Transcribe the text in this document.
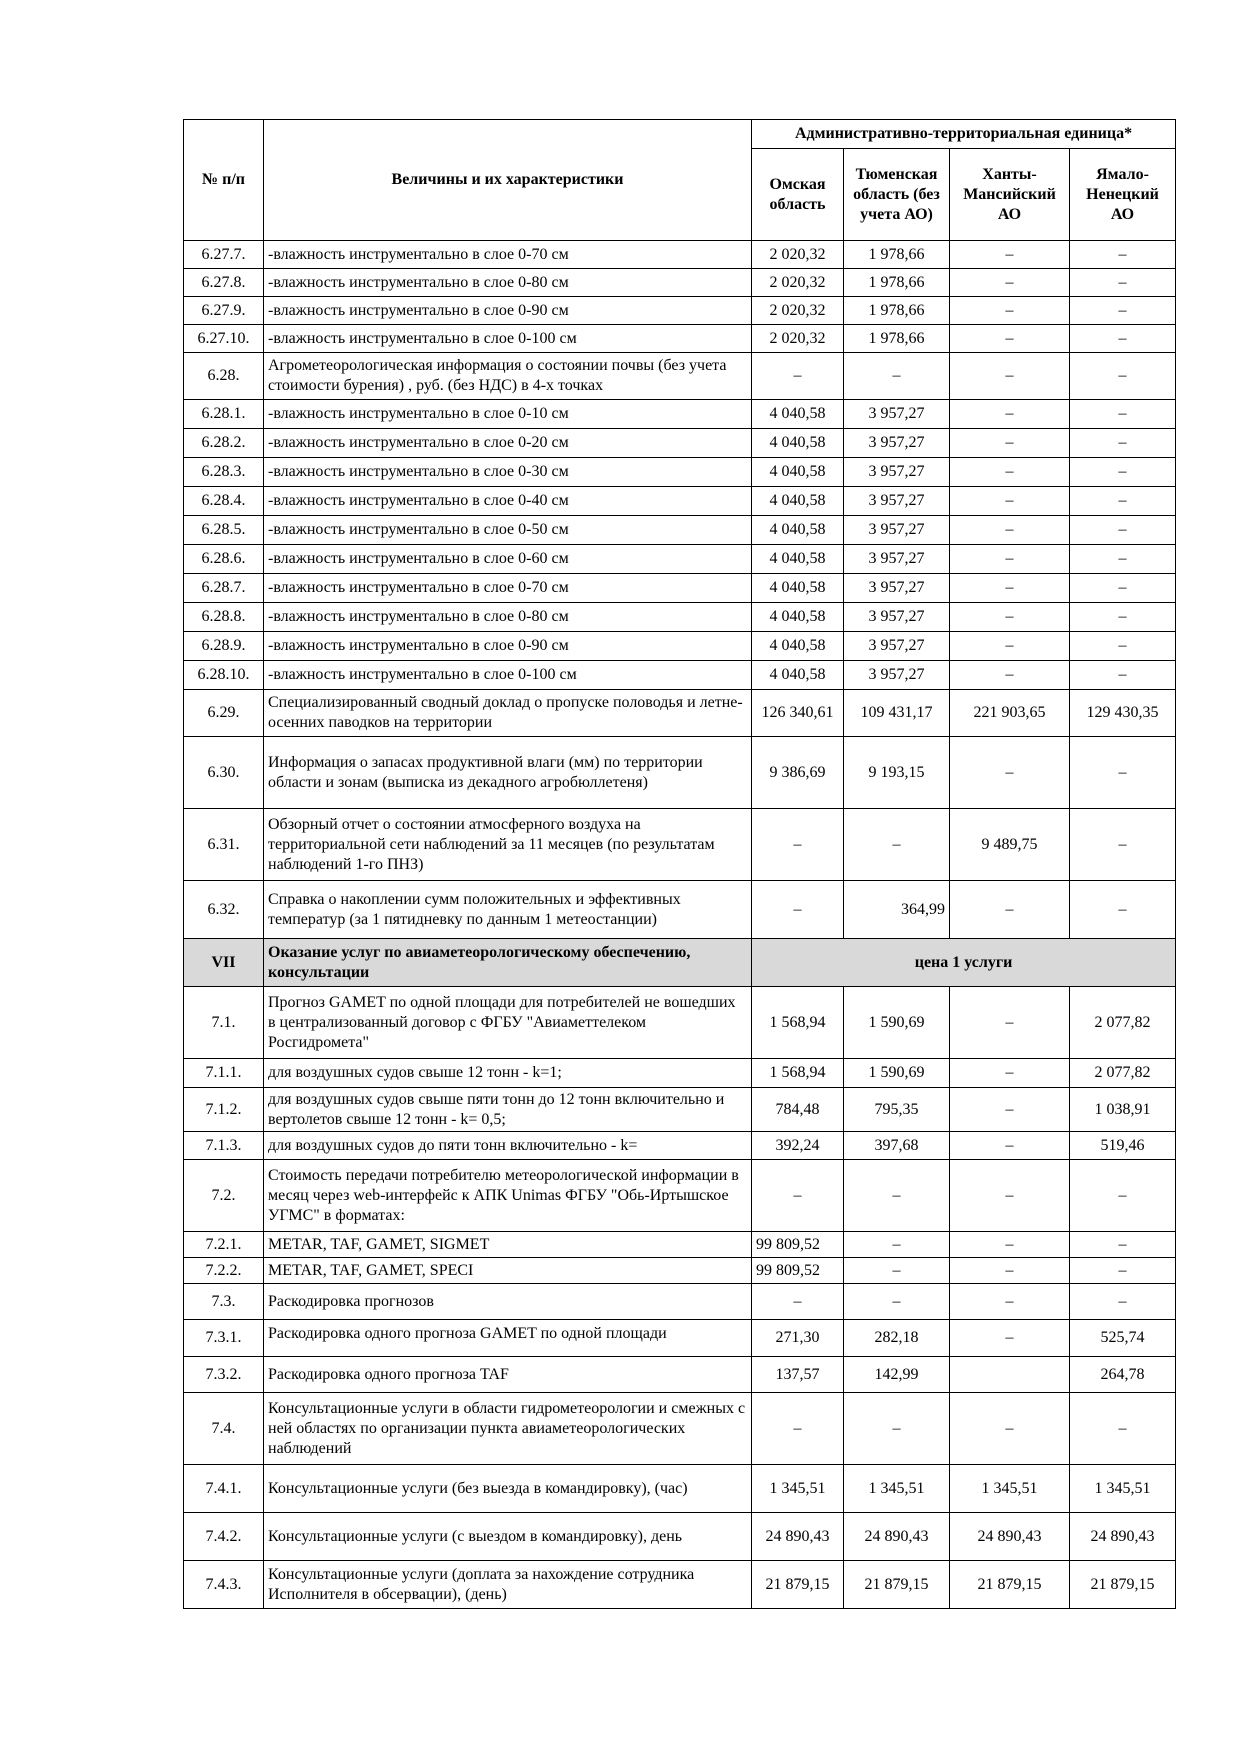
№ п/п	Величины и их характеристики	Административно-территориальная единица*			
		Омская область	Тюменская область (без учета АО)	Ханты-Мансийский АО	Ямало-Ненецкий АО
6.27.7.	-влажность инструментально в слое 0-70 см	2 020,32	1 978,66	–	–
6.27.8.	-влажность инструментально в слое 0-80 см	2 020,32	1 978,66	–	–
6.27.9.	-влажность инструментально в слое 0-90 см	2 020,32	1 978,66	–	–
6.27.10.	-влажность инструментально в слое 0-100 см	2 020,32	1 978,66	–	–
6.28.	Агрометеорологическая информация о состоянии почвы (без учета стоимости бурения) , руб. (без НДС) в 4-х точках	–	–	–	–
6.28.1.	-влажность инструментально в слое 0-10 см	4 040,58	3 957,27	–	–
6.28.2.	-влажность инструментально в слое 0-20 см	4 040,58	3 957,27	–	–
6.28.3.	-влажность инструментально в слое 0-30 см	4 040,58	3 957,27	–	–
6.28.4.	-влажность инструментально в слое 0-40 см	4 040,58	3 957,27	–	–
6.28.5.	-влажность инструментально в слое 0-50 см	4 040,58	3 957,27	–	–
6.28.6.	-влажность инструментально в слое 0-60 см	4 040,58	3 957,27	–	–
6.28.7.	-влажность инструментально в слое 0-70 см	4 040,58	3 957,27	–	–
6.28.8.	-влажность инструментально в слое 0-80 см	4 040,58	3 957,27	–	–
6.28.9.	-влажность инструментально в слое 0-90 см	4 040,58	3 957,27	–	–
6.28.10.	-влажность инструментально в слое 0-100 см	4 040,58	3 957,27	–	–
6.29.	Специализированный сводный доклад о пропуске половодья и летне-осенних паводков на территории	126 340,61	109 431,17	221 903,65	129 430,35
6.30.	Информация о запасах продуктивной влаги (мм) по территории области и зонам (выписка из декадного агробюллетеня)	9 386,69	9 193,15	–	–
6.31.	Обзорный отчет о состоянии атмосферного воздуха на территориальной сети наблюдений за 11 месяцев (по результатам наблюдений 1-го ПНЗ)	–	–	9 489,75	–
6.32.	Справка о накоплении сумм положительных и эффективных температур (за 1 пятидневку по данным 1 метеостанции)	–	364,99	–	–
VII	Оказание услуг по авиаметеорологическому обеспечению, консультации	цена 1 услуги			
7.1.	Прогноз GAMET по одной площади для потребителей не вошедших в централизованный договор с ФГБУ "Авиаметтелеком Росгидромета"	1 568,94	1 590,69	–	2 077,82
7.1.1.	для воздушных судов свыше 12 тонн - k=1;	1 568,94	1 590,69	–	2 077,82
7.1.2.	для воздушных судов свыше пяти тонн до 12 тонн включительно и вертолетов свыше 12 тонн - k= 0,5;	784,48	795,35	–	1 038,91
7.1.3.	для воздушных судов до пяти тонн включительно - k=	392,24	397,68	–	519,46
7.2.	Стоимость передачи потребителю метеорологической информации в месяц через web-интерфейс к АПК Unimas ФГБУ "Обь-Иртышское УГМС" в форматах:	–	–	–	–
7.2.1.	METAR, TAF, GAMET, SIGMET	99 809,52	–	–	–
7.2.2.	METAR, TAF, GAMET, SPECI	99 809,52	–	–	–
7.3.	Раскодировка прогнозов	–	–	–	–
7.3.1.	Раскодировка одного прогноза GAMET по одной площади	271,30	282,18	–	525,74
7.3.2.	Раскодировка одного прогноза TAF	137,57	142,99		264,78
7.4.	Консультационные услуги в области гидрометеорологии и смежных с ней областях по организации пункта авиаметеорологических наблюдений	–	–	–	–
7.4.1.	Консультационные услуги (без выезда в командировку), (час)	1 345,51	1 345,51	1 345,51	1 345,51
7.4.2.	Консультационные услуги (с выездом в командировку), день	24 890,43	24 890,43	24 890,43	24 890,43
7.4.3.	Консультационные услуги (доплата за нахождение сотрудника Исполнителя в обсервации), (день)	21 879,15	21 879,15	21 879,15	21 879,15
